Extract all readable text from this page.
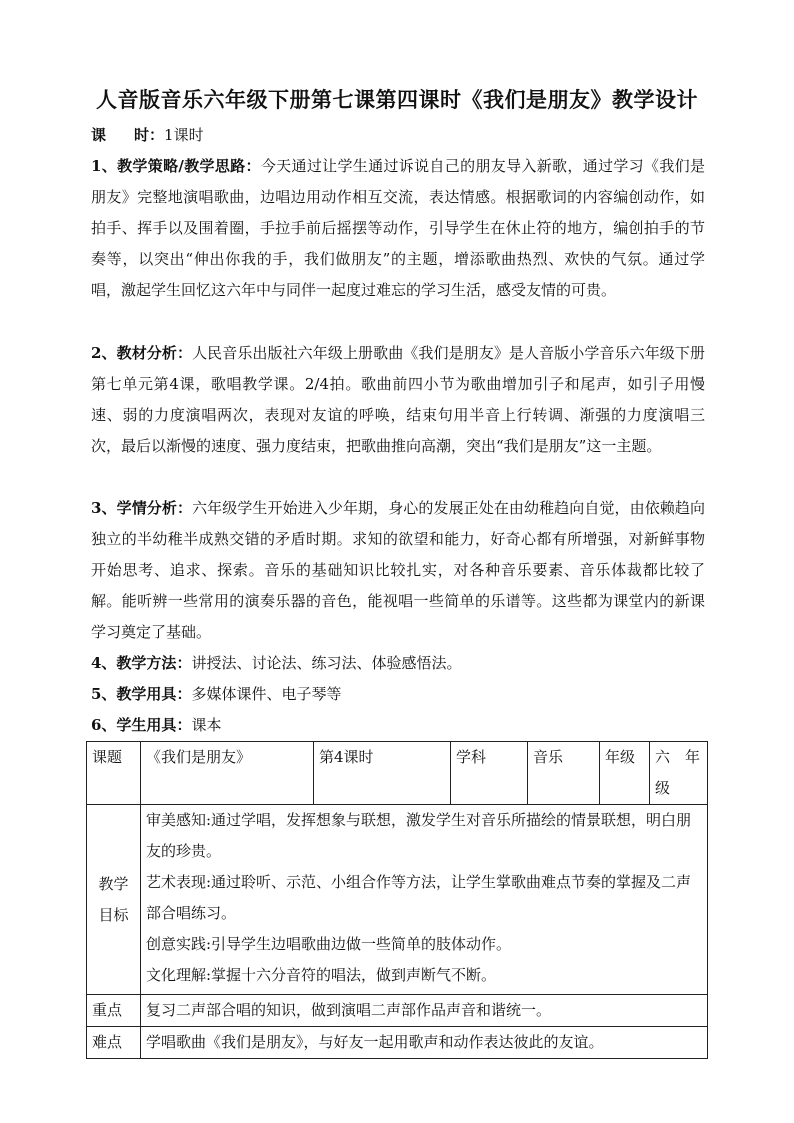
人音版音乐六年级下册第七课第四课时《我们是朋友》教学设计
课 时：1课时
1、教学策略/教学思路：今天通过让学生通过诉说自己的朋友导入新歌，通过学习《我们是朋友》完整地演唱歌曲，边唱边用动作相互交流，表达情感。根据歌词的内容编创动作，如拍手、挥手以及围着圈，手拉手前后摇摆等动作，引导学生在休止符的地方，编创拍手的节奏等，以突出“伸出你我的手，我们做朋友”的主题，增添歌曲热烈、欢快的气氛。通过学唱，激起学生回忆这六年中与同伴一起度过难忘的学习生活，感受友情的可贵。
2、教材分析：人民音乐出版社六年级上册歌曲《我们是朋友》是人音版小学音乐六年级下册第七单元第4课，歌唱教学课。2/4拍。歌曲前四小节为歌曲增加引子和尾声，如引子用慢速、弱的力度演唱两次，表现对友谊的呼唤，结束句用半音上行转调、渐强的力度演唱三次，最后以渐慢的速度、强力度结束，把歌曲推向高潮，突出“我们是朋友”这一主题。
3、学情分析：六年级学生开始进入少年期，身心的发展正处在由幼稚趋向自觉，由依赖趋向独立的半幼稚半成熟交错的矛盾时期。求知的欲望和能力，好奇心都有所增强，对新鲜事物开始思考、追求、探索。音乐的基础知识比较扎实，对各种音乐要素、音乐体裁都比较了解。能听辨一些常用的演奏乐器的音色，能视唱一些简单的乐谱等。这些都为课堂内的新课学习奠定了基础。
4、教学方法：讲授法、讨论法、练习法、体验感悟法。
5、教学用具：多媒体课件、电子琴等
6、学生用具：课本
课题	《我们是朋友》	第4课时	学科	音乐	年级	六　年级
教学目标	审美感知:通过学唱，发挥想象与联想，激发学生对音乐所描绘的情景联想，明白朋友的珍贵。
艺术表现:通过聆听、示范、小组合作等方法，让学生掌歌曲难点节奏的掌握及二声部合唱练习。
创意实践:引导学生边唱歌曲边做一些简单的肢体动作。
文化理解:掌握十六分音符的唱法，做到声断气不断。					

重点	复习二声部合唱的知识，做到演唱二声部作品声音和谐统一。					
难点	学唱歌曲《我们是朋友》，与好友一起用歌声和动作表达彼此的友谊。					
